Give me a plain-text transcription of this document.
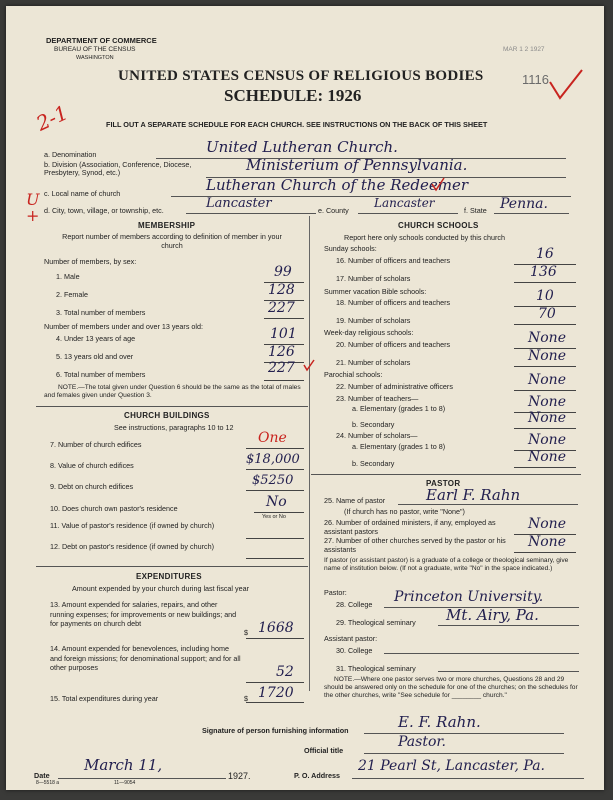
DEPARTMENT OF COMMERCE
BUREAU OF THE CENSUS
WASHINGTON
MAR 1 2 1927
UNITED STATES CENSUS OF RELIGIOUS BODIES
SCHEDULE: 1926
1116
2-1	FILL OUT A SEPARATE SCHEDULE FOR EACH CHURCH. SEE INSTRUCTIONS ON THE BACK OF THIS SHEET
a. Denomination	United Lutheran Church.
b. Division (Association, Conference, Diocese, Presbytery, Synod, etc.)	Ministerium of Pennsylvania.
c. Local name of church	Lutheran Church of the Redeemer
U
+ d. City, town, village, or township, etc.	Lancaster	e. County
Lancaster
f. State Penna.
MEMBERSHIP
Report number of members according to definition of member in your church
Number of members, by sex:
1. Male	99
2. Female	128
3. Total number of members	227
Number of members under and over 13 years old:
4. Under 13 years of age	101
5. 13 years old and over	126
6. Total number of members	227
NOTE.—The total given under Question 6 should be the same as the total of males and females given under Question 3.
CHURCH BUILDINGS
See instructions, paragraphs 10 to 12
7. Number of church edifices	One
8. Value of church edifices	$18,000
9. Debt on church edifices	$5250
10. Does church own pastor's residence	No
Yes or No
11. Value of pastor's residence (if owned by church)
12. Debt on pastor's residence (if owned by church)
EXPENDITURES
Amount expended by your church during last fiscal year
13. Amount expended for salaries, repairs, and other running expenses; for improvements or new buildings; and for payments on church debt	1668
$
14. Amount expended for benevolences, including home and foreign missions; for denominational support; and for all other purposes	52
15. Total expenditures during year	1720
$
CHURCH SCHOOLS
Report here only schools conducted by this church
Sunday schools:
16. Number of officers and teachers	16
17. Number of scholars	136
Summer vacation Bible schools:
18. Number of officers and teachers	10
19. Number of scholars	70
Week-day religious schools:
20. Number of officers and teachers	None
21. Number of scholars	None
Parochial schools:
22. Number of administrative officers	None
23. Number of teachers—
a. Elementary (grades 1 to 8)	None
b. Secondary	None
24. Number of scholars—
a. Elementary (grades 1 to 8)	None
b. Secondary	None
PASTOR
25. Name of pastor
(If church has no pastor, write "None")
Earl F. Rahn
26. Number of ordained ministers, if any, employed as assistant pastors	None
27. Number of other churches served by the pastor or his assistants	None
If pastor (or assistant pastor) is a graduate of a college or theological seminary, give name of institution below. (If not a graduate, write "No" in the space indicated.)
Pastor:
28. College Princeton University.
29. Theological seminary Mt. Airy, Pa.
Assistant pastor:
30. College
31. Theological seminary
NOTE.—Where one pastor serves two or more churches, Questions 28 and 29 should be answered only on the schedule for one of the churches; on the schedules for the other churches, write "See schedule for ________ church."
Signature of person furnishing information	E. F. Rahn.
Official title
Pastor.
Date
March 11,
1927.	P. O. Address
21 Pearl St, Lancaster, Pa.
8—5518 a	11—9054
